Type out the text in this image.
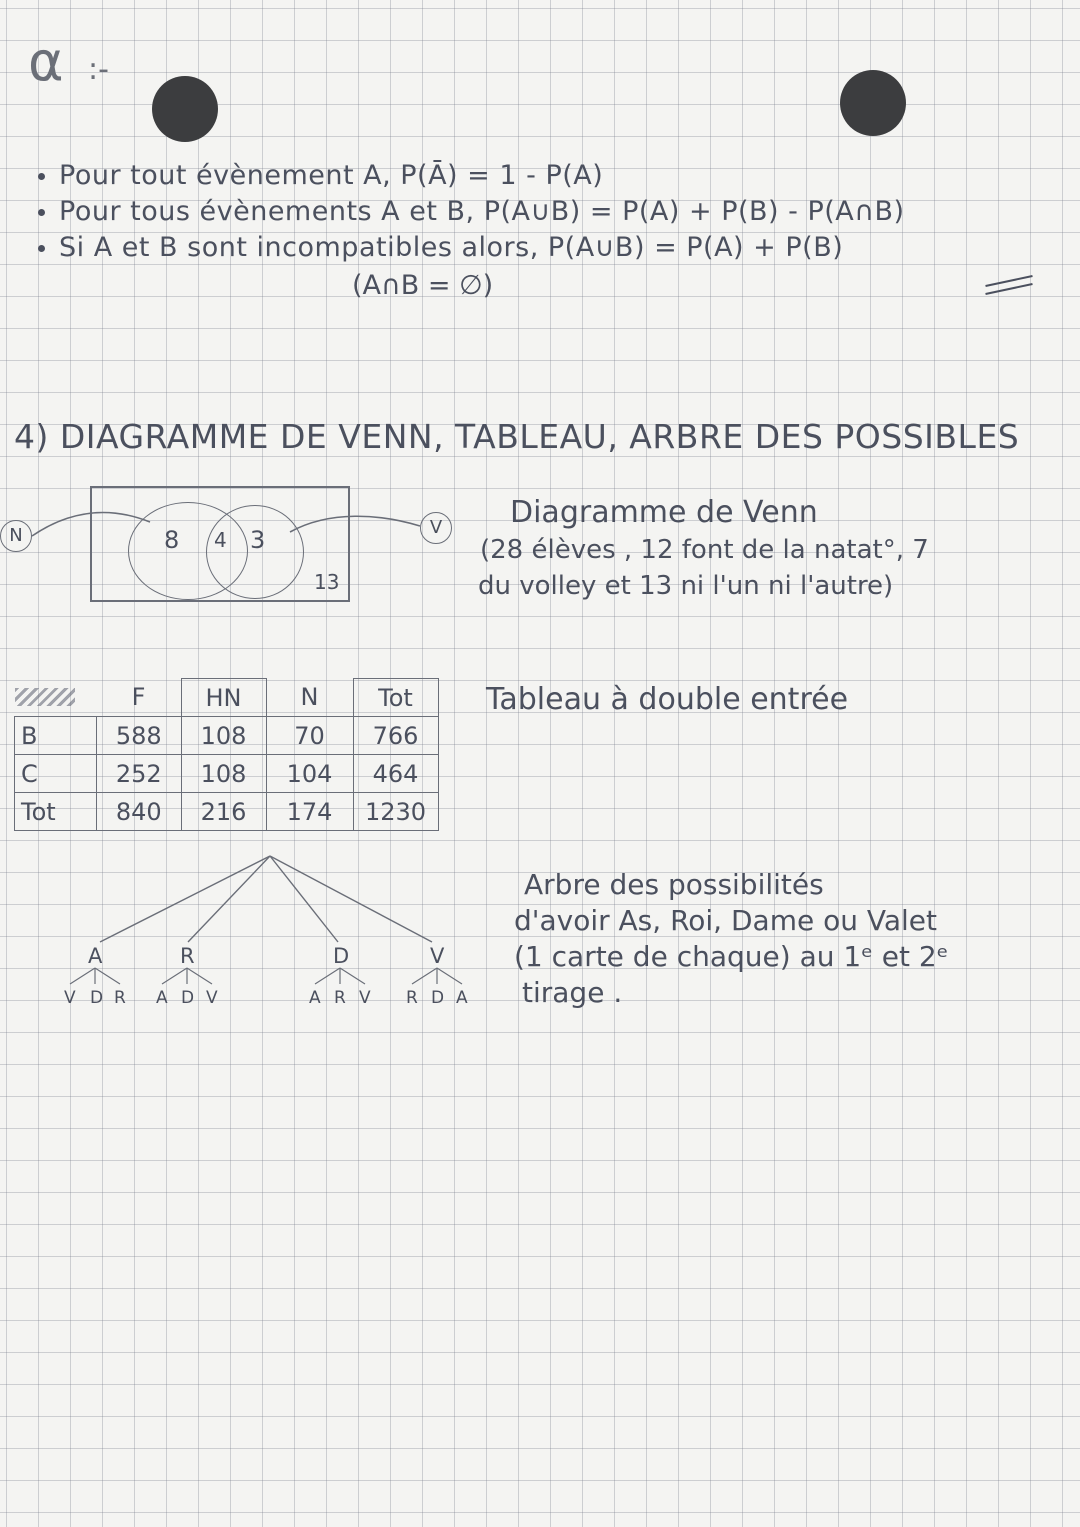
α :-
Pour tout évènement A, P(Ā) = 1 - P(A)
Pour tous évènements A et B, P(A∪B) = P(A) + P(B) - P(A∩B)
Si A et B sont incompatibles alors, P(A∪B) = P(A) + P(B)
(A∩B = ∅)
4) DIAGRAMME DE VENN, TABLEAU, ARBRE DES POSSIBLES
8 4 3
13
N	V	Diagramme de Venn
(28 élèves , 12 font de la natat°, 7
du volley et 13 ni l'un ni l'autre)
	F	HN	N	Tot
B	588	108	70	766
C	252	108	104	464
Tot	840	216	174	1230
Tableau à double entrée
A	R	D	V
V D R A D V	A R V R D A
Arbre des possibilités
d'avoir As, Roi, Dame ou Valet
(1 carte de chaque) au 1ᵉ et 2ᵉ
tirage .
